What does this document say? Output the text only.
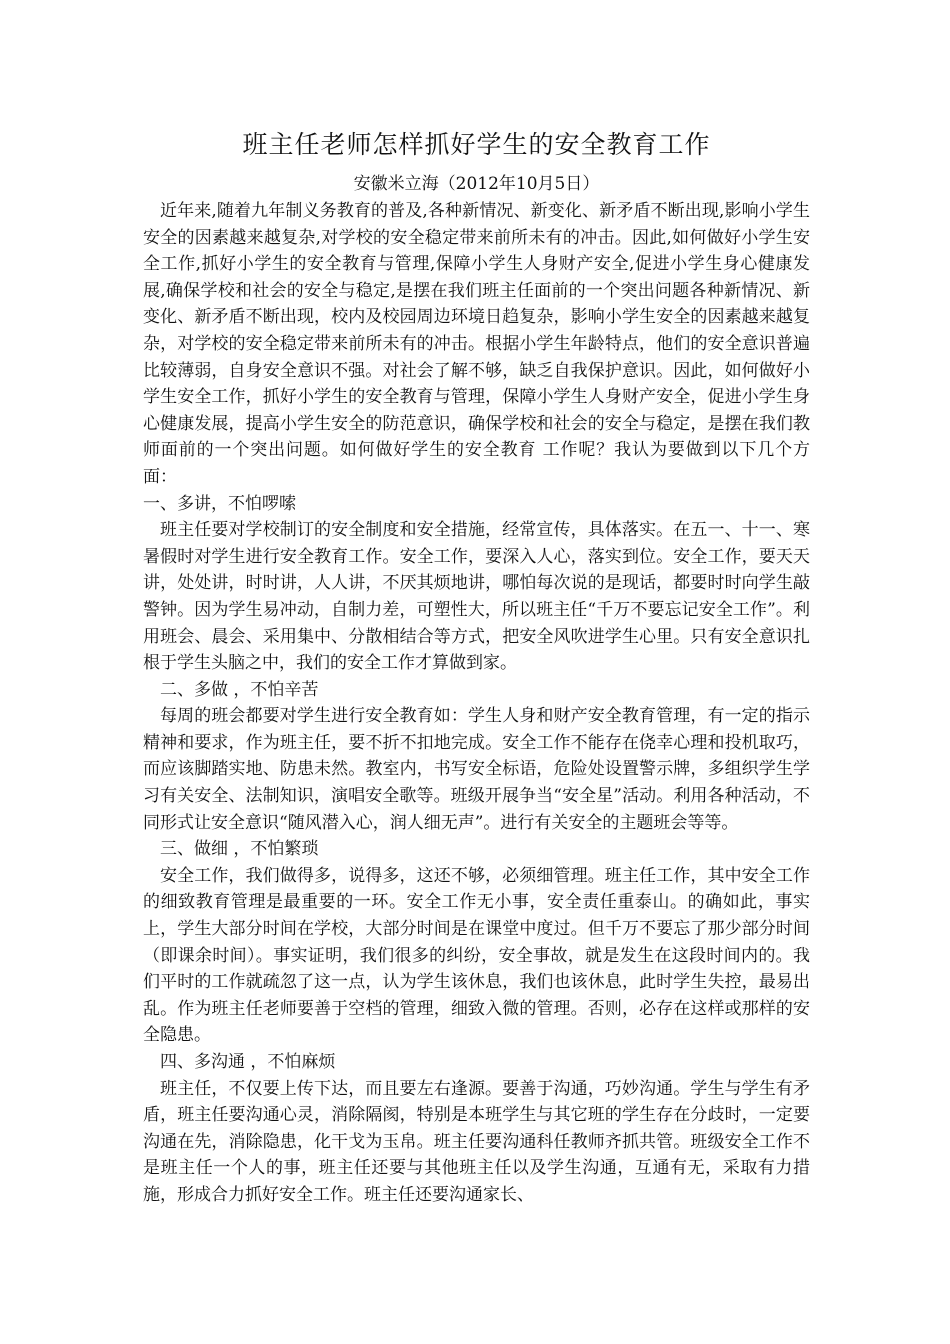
班主任老师怎样抓好学生的安全教育工作

安徽米立海（2012年10月5日）

近年来,随着九年制义务教育的普及,各种新情况、新变化、新矛盾不断出现,影响小学生安全的因素越来越复杂,对学校的安全稳定带来前所未有的冲击。因此,如何做好小学生安全工作,抓好小学生的安全教育与管理,保障小学生人身财产安全,促进小学生身心健康发展,确保学校和社会的安全与稳定,是摆在我们班主任面前的一个突出问题各种新情况、新变化、新矛盾不断出现，校内及校园周边环境日趋复杂，影响小学生安全的因素越来越复杂，对学校的安全稳定带来前所未有的冲击。根据小学生年龄特点，他们的安全意识普遍比较薄弱，自身安全意识不强。对社会了解不够，缺乏自我保护意识。因此，如何做好小学生安全工作，抓好小学生的安全教育与管理，保障小学生人身财产安全，促进小学生身心健康发展，提高小学生安全的防范意识，确保学校和社会的安全与稳定，是摆在我们教师面前的一个突出问题。如何做好学生的安全教育 工作呢？我认为要做到以下几个方面：

一、多讲，不怕啰嗦

班主任要对学校制订的安全制度和安全措施，经常宣传，具体落实。在五一、十一、寒暑假时对学生进行安全教育工作。安全工作，要深入人心，落实到位。安全工作，要天天讲，处处讲，时时讲，人人讲，不厌其烦地讲，哪怕每次说的是现话，都要时时向学生敲警钟。因为学生易冲动，自制力差，可塑性大，所以班主任“千万不要忘记安全工作”。利用班会、晨会、采用集中、分散相结合等方式，把安全风吹进学生心里。只有安全意识扎根于学生头脑之中，我们的安全工作才算做到家。

二、多做 ，不怕辛苦

每周的班会都要对学生进行安全教育如：学生人身和财产安全教育管理，有一定的指示精神和要求，作为班主任，要不折不扣地完成。安全工作不能存在侥幸心理和投机取巧，而应该脚踏实地、防患未然。教室内，书写安全标语，危险处设置警示牌，多组织学生学习有关安全、法制知识，演唱安全歌等。班级开展争当“安全星”活动。利用各种活动，不同形式让安全意识“随风潜入心，润人细无声”。进行有关安全的主题班会等等。

三、做细 ，不怕繁琐

安全工作，我们做得多，说得多，这还不够，必须细管理。班主任工作，其中安全工作的细致教育管理是最重要的一环。安全工作无小事，安全责任重泰山。的确如此，事实上，学生大部分时间在学校，大部分时间是在课堂中度过。但千万不要忘了那少部分时间（即课余时间）。事实证明，我们很多的纠纷，安全事故，就是发生在这段时间内的。我们平时的工作就疏忽了这一点，认为学生该休息，我们也该休息，此时学生失控，最易出乱。作为班主任老师要善于空档的管理，细致入微的管理。否则，必存在这样或那样的安全隐患。

四、多沟通 ，不怕麻烦

班主任，不仅要上传下达，而且要左右逢源。要善于沟通，巧妙沟通。学生与学生有矛盾，班主任要沟通心灵，消除隔阂，特别是本班学生与其它班的学生存在分歧时，一定要沟通在先，消除隐患，化干戈为玉帛。班主任要沟通科任教师齐抓共管。班级安全工作不是班主任一个人的事，班主任还要与其他班主任以及学生沟通，互通有无，采取有力措施，形成合力抓好安全工作。班主任还要沟通家长、
